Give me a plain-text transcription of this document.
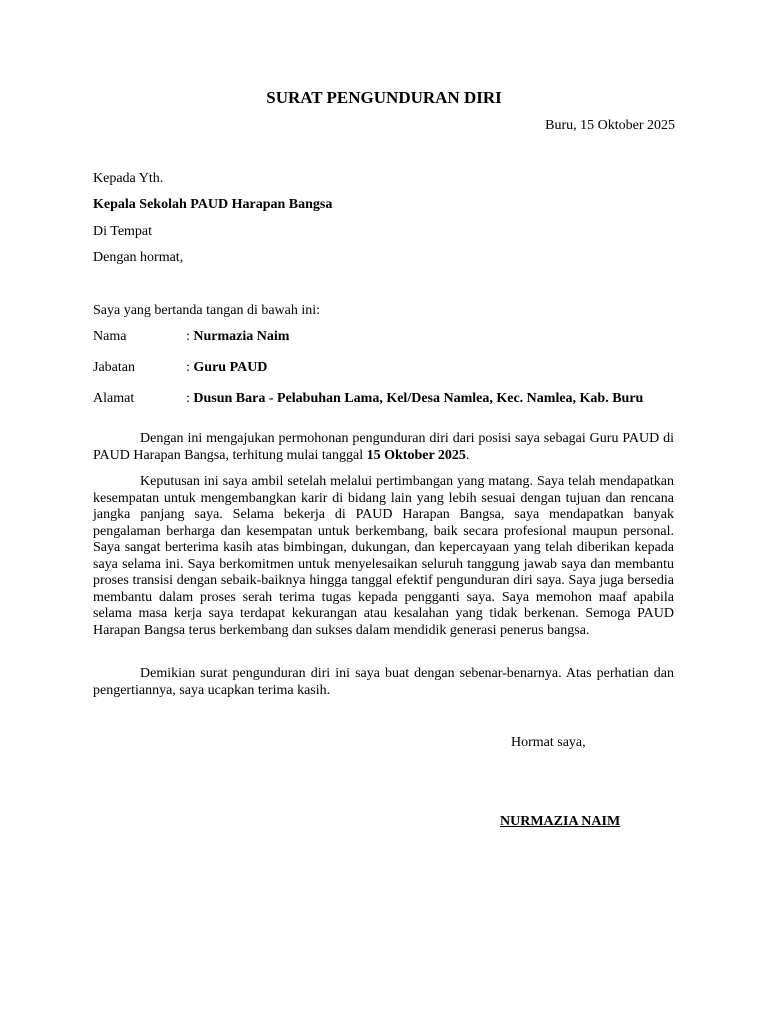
SURAT PENGUNDURAN DIRI
Buru, 15 Oktober 2025
Kepada Yth.
Kepala Sekolah PAUD Harapan Bangsa
Di Tempat
Dengan hormat,
Saya yang bertanda tangan di bawah ini:
Nama	: Nurmazia Naim
Jabatan	: Guru PAUD
Alamat	: Dusun Bara - Pelabuhan Lama, Kel/Desa Namlea, Kec. Namlea, Kab. Buru
Dengan ini mengajukan permohonan pengunduran diri dari posisi saya sebagai Guru PAUD di PAUD Harapan Bangsa, terhitung mulai tanggal 15 Oktober 2025.
Keputusan ini saya ambil setelah melalui pertimbangan yang matang. Saya telah mendapatkan kesempatan untuk mengembangkan karir di bidang lain yang lebih sesuai dengan tujuan dan rencana jangka panjang saya. Selama bekerja di PAUD Harapan Bangsa, saya mendapatkan banyak pengalaman berharga dan kesempatan untuk berkembang, baik secara profesional maupun personal. Saya sangat berterima kasih atas bimbingan, dukungan, dan kepercayaan yang telah diberikan kepada saya selama ini. Saya berkomitmen untuk menyelesaikan seluruh tanggung jawab saya dan membantu proses transisi dengan sebaik-baiknya hingga tanggal efektif pengunduran diri saya. Saya juga bersedia membantu dalam proses serah terima tugas kepada pengganti saya. Saya memohon maaf apabila selama masa kerja saya terdapat kekurangan atau kesalahan yang tidak berkenan. Semoga PAUD Harapan Bangsa terus berkembang dan sukses dalam mendidik generasi penerus bangsa.
Demikian surat pengunduran diri ini saya buat dengan sebenar-benarnya. Atas perhatian dan pengertiannya, saya ucapkan terima kasih.
Hormat saya,
NURMAZIA NAIM
